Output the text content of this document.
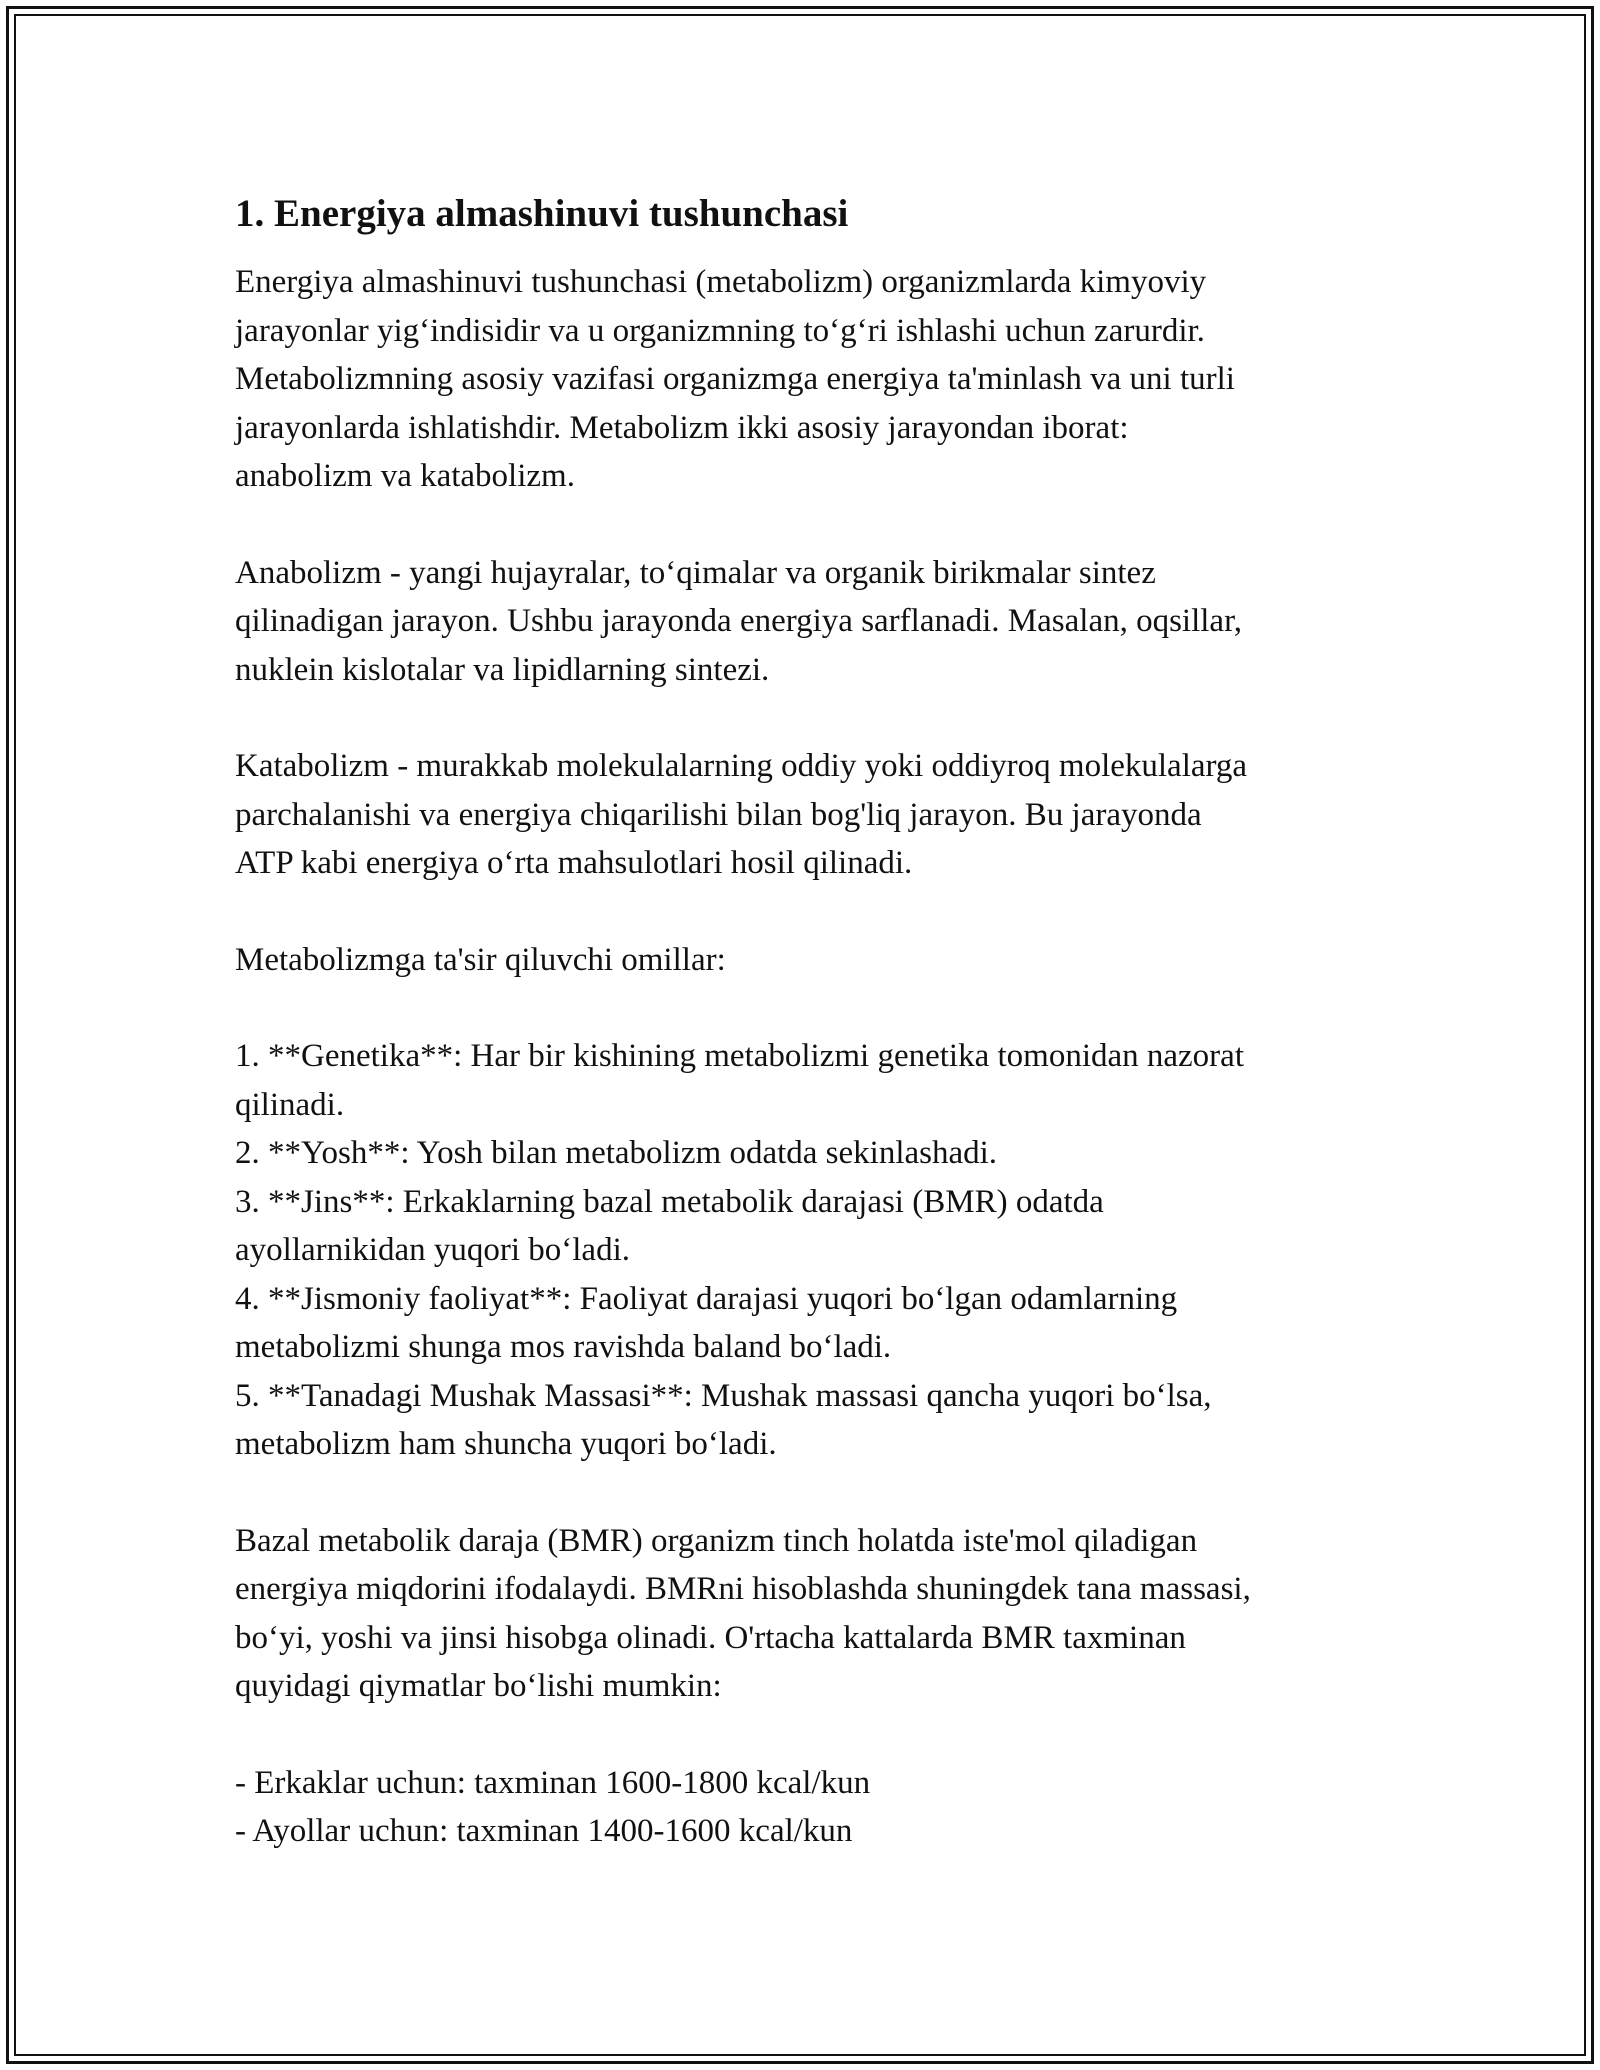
1. Energiya almashinuvi tushunchasi

Energiya almashinuvi tushunchasi (metabolizm) organizmlarda kimyoviy
jarayonlar yig‘indisidir va u organizmning to‘g‘ri ishlashi uchun zarurdir.
Metabolizmning asosiy vazifasi organizmga energiya ta'minlash va uni turli
jarayonlarda ishlatishdir. Metabolizm ikki asosiy jarayondan iborat:
anabolizm va katabolizm.

Anabolizm - yangi hujayralar, to‘qimalar va organik birikmalar sintez
qilinadigan jarayon. Ushbu jarayonda energiya sarflanadi. Masalan, oqsillar,
nuklein kislotalar va lipidlarning sintezi.

Katabolizm - murakkab molekulalarning oddiy yoki oddiyroq molekulalarga
parchalanishi va energiya chiqarilishi bilan bog'liq jarayon. Bu jarayonda
ATP kabi energiya o‘rta mahsulotlari hosil qilinadi.

Metabolizmga ta'sir qiluvchi omillar:

1. **Genetika**: Har bir kishining metabolizmi genetika tomonidan nazorat
qilinadi.
2. **Yosh**: Yosh bilan metabolizm odatda sekinlashadi.
3. **Jins**: Erkaklarning bazal metabolik darajasi (BMR) odatda
ayollarnikidan yuqori bo‘ladi.
4. **Jismoniy faoliyat**: Faoliyat darajasi yuqori bo‘lgan odamlarning
metabolizmi shunga mos ravishda baland bo‘ladi.
5. **Tanadagi Mushak Massasi**: Mushak massasi qancha yuqori bo‘lsa,
metabolizm ham shuncha yuqori bo‘ladi.

Bazal metabolik daraja (BMR) organizm tinch holatda iste'mol qiladigan
energiya miqdorini ifodalaydi. BMRni hisoblashda shuningdek tana massasi,
bo‘yi, yoshi va jinsi hisobga olinadi. O'rtacha kattalarda BMR taxminan
quyidagi qiymatlar bo‘lishi mumkin:

- Erkaklar uchun: taxminan 1600-1800 kcal/kun
- Ayollar uchun: taxminan 1400-1600 kcal/kun
